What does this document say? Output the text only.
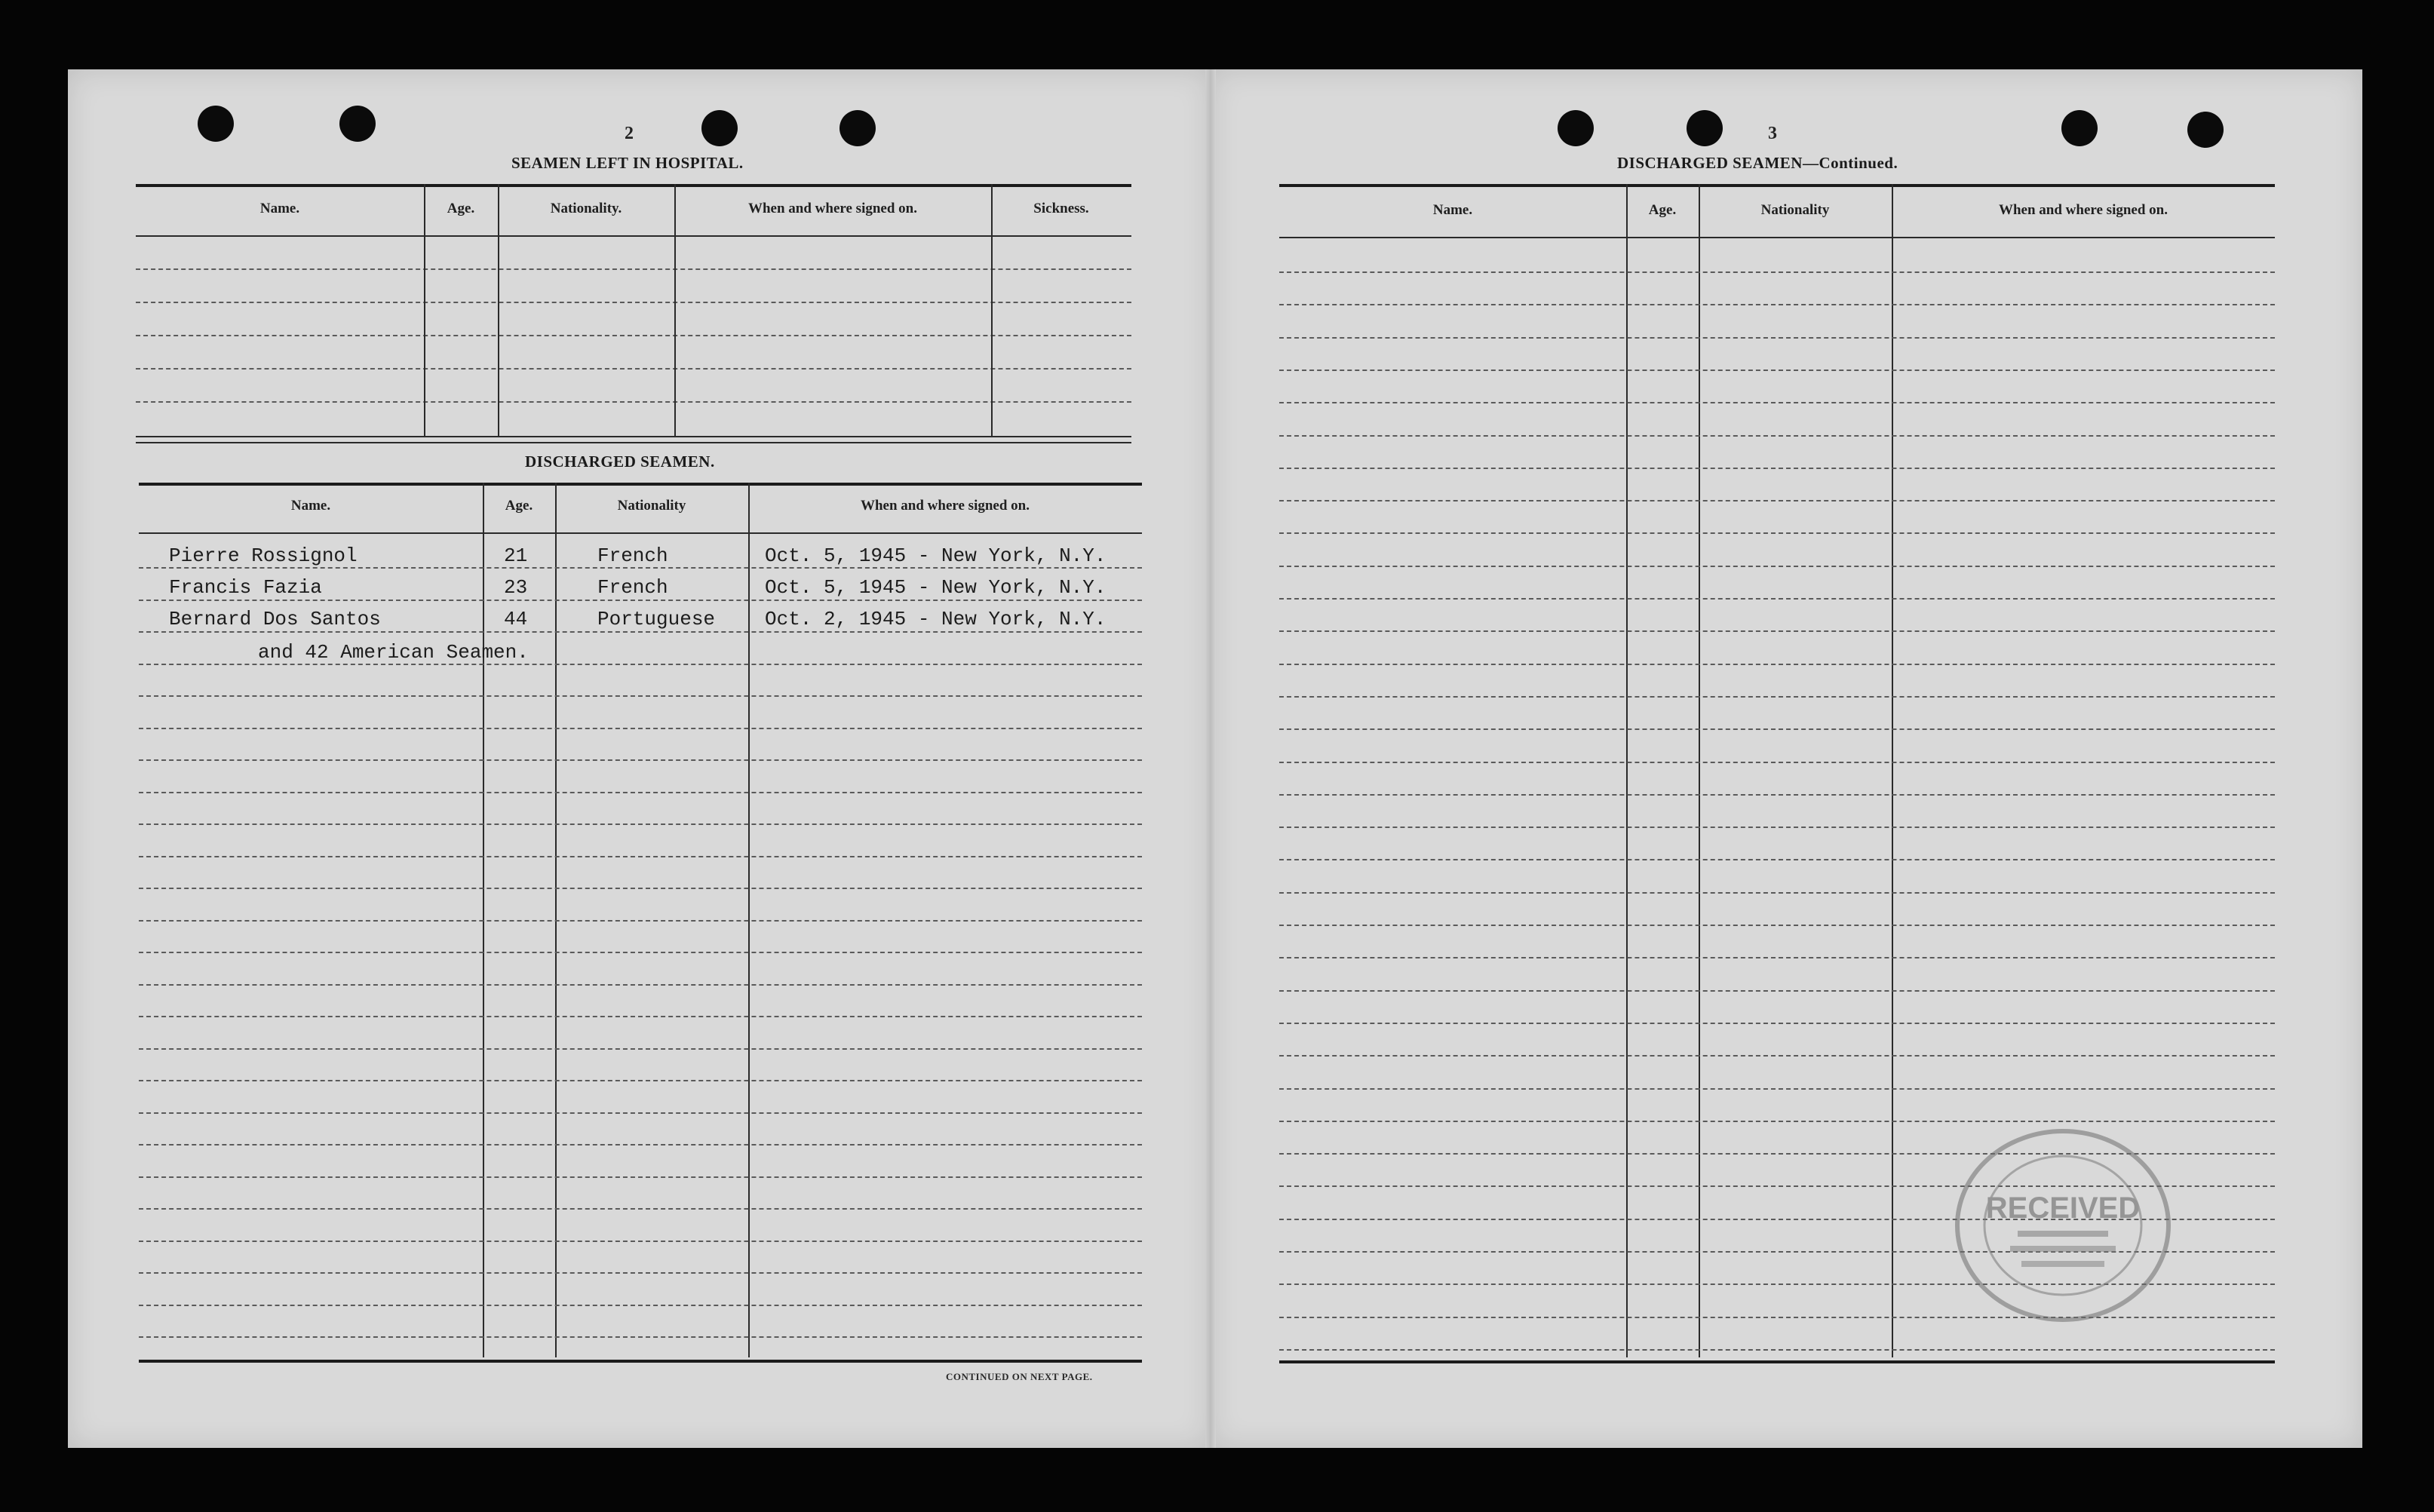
2
SEAMEN LEFT IN HOSPITAL.
Name.	Age.	Nationality.	When and where signed on.	Sickness.
DISCHARGED SEAMEN.
Name.	Age.	Nationality	When and where signed on.
Pierre Rossignol	21	French	Oct. 5, 1945 - New York, N.Y.
Francis Fazia	23	French	Oct. 5, 1945 - New York, N.Y.
Bernard Dos Santos	44	Portuguese	Oct. 2, 1945 - New York, N.Y.
and 42 American Seamen.
CONTINUED ON NEXT PAGE.
3
DISCHARGED SEAMEN—Continued.
Name.	Age.	Nationality	When and where signed on.
RECEIVED
